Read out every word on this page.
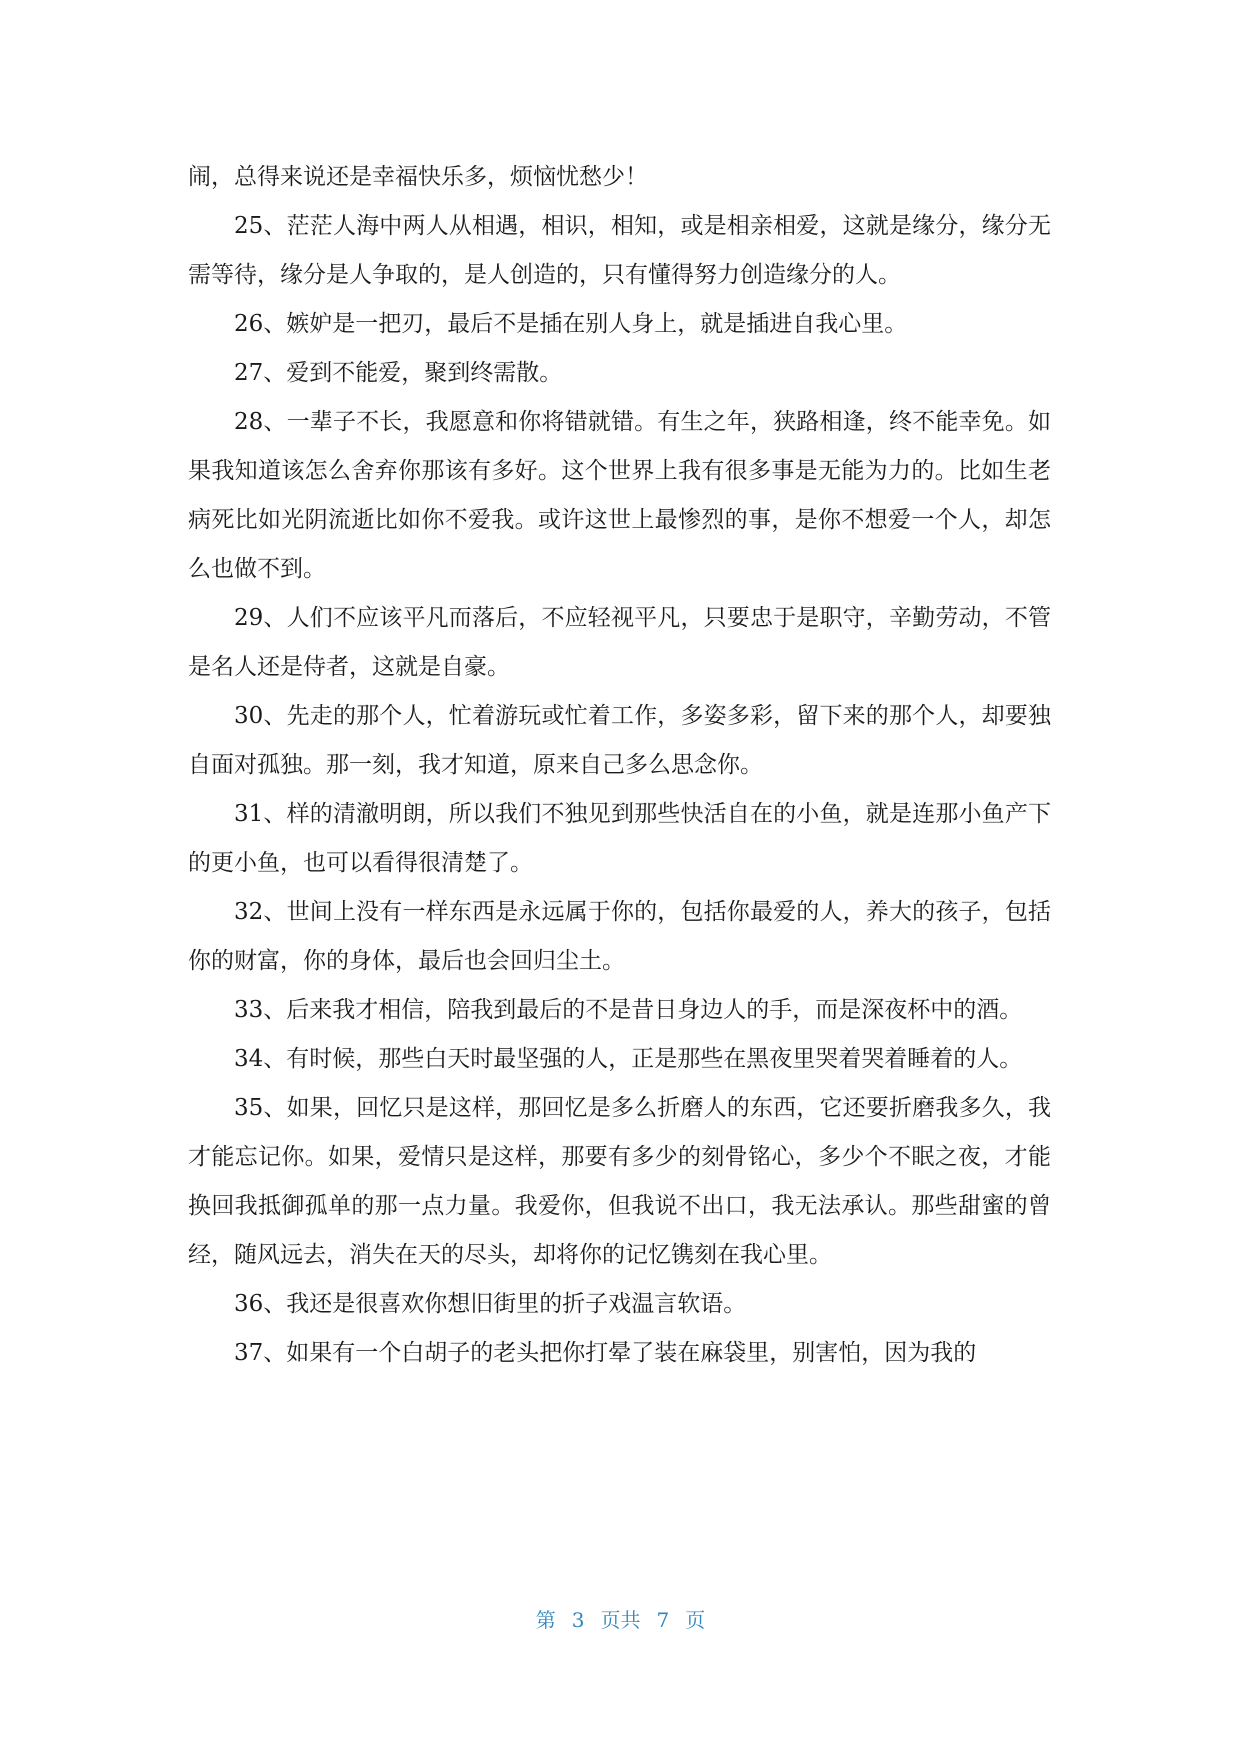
闹，总得来说还是幸福快乐多，烦恼忧愁少！

25、茫茫人海中两人从相遇，相识，相知，或是相亲相爱，这就是缘分，缘分无需等待，缘分是人争取的，是人创造的，只有懂得努力创造缘分的人。

26、嫉妒是一把刃，最后不是插在别人身上，就是插进自我心里。

27、爱到不能爱，聚到终需散。

28、一辈子不长，我愿意和你将错就错。有生之年，狭路相逢，终不能幸免。如果我知道该怎么舍弃你那该有多好。这个世界上我有很多事是无能为力的。比如生老病死比如光阴流逝比如你不爱我。或许这世上最惨烈的事，是你不想爱一个人，却怎么也做不到。

29、人们不应该平凡而落后，不应轻视平凡，只要忠于是职守，辛勤劳动，不管是名人还是侍者，这就是自豪。

30、先走的那个人，忙着游玩或忙着工作，多姿多彩，留下来的那个人，却要独自面对孤独。那一刻，我才知道，原来自己多么思念你。

31、样的清澈明朗，所以我们不独见到那些快活自在的小鱼，就是连那小鱼产下的更小鱼，也可以看得很清楚了。

32、世间上没有一样东西是永远属于你的，包括你最爱的人，养大的孩子，包括你的财富，你的身体，最后也会回归尘土。

33、后来我才相信，陪我到最后的不是昔日身边人的手，而是深夜杯中的酒。

34、有时候，那些白天时最坚强的人，正是那些在黑夜里哭着哭着睡着的人。

35、如果，回忆只是这样，那回忆是多么折磨人的东西，它还要折磨我多久，我才能忘记你。如果，爱情只是这样，那要有多少的刻骨铭心，多少个不眠之夜，才能换回我抵御孤单的那一点力量。我爱你，但我说不出口，我无法承认。那些甜蜜的曾经，随风远去，消失在天的尽头，却将你的记忆镌刻在我心里。

36、我还是很喜欢你想旧街里的折子戏温言软语。

37、如果有一个白胡子的老头把你打晕了装在麻袋里，别害怕，因为我的

第 3 页共 7 页
